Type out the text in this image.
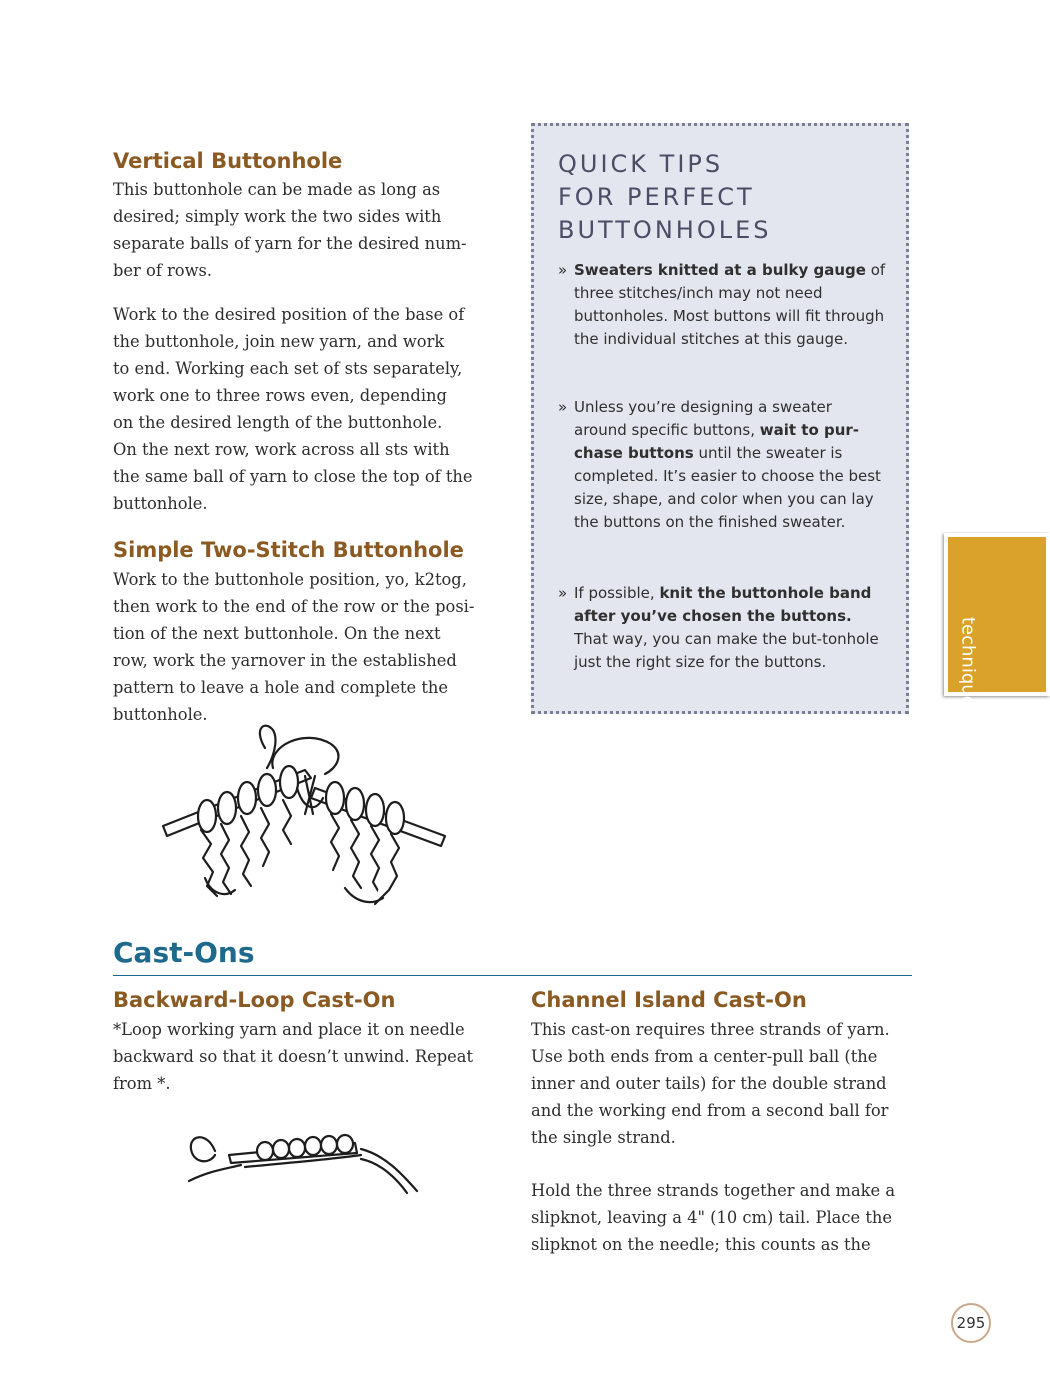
Vertical Buttonhole
This buttonhole can be made as long as
desired; simply work the two sides with
separate balls of yarn for the desired num-
ber of rows.
Work to the desired position of the base of
the buttonhole, join new yarn, and work
to end. Working each set of sts separately,
work one to three rows even, depending
on the desired length of the buttonhole.
On the next row, work across all sts with
the same ball of yarn to close the top of the
buttonhole.
Simple Two-Stitch Buttonhole
Work to the buttonhole position, yo, k2tog,
then work to the end of the row or the posi-
tion of the next buttonhole. On the next
row, work the yarnover in the established
pattern to leave a hole and complete the
buttonhole.
QUICK TIPS
FOR PERFECT
BUTTONHOLES
» Sweaters knitted at a bulky gauge of three stitches/inch may not need buttonholes. Most buttons will fit through the individual stitches at this gauge.
» Unless you’re designing a sweater around specific buttons, wait to pur-chase buttons until the sweater is completed. It’s easier to choose the best size, shape, and color when you can lay the buttons on the finished sweater.
» If possible, knit the buttonhole band after you’ve chosen the buttons. That way, you can make the but-tonhole just the right size for the buttons.	techniques
Cast-Ons
Backward-Loop Cast-On
*Loop working yarn and place it on needle
backward so that it doesn’t unwind. Repeat
from *.
Channel Island Cast-On
This cast-on requires three strands of yarn.
Use both ends from a center-pull ball (the
inner and outer tails) for the double strand
and the working end from a second ball for
the single strand.
Hold the three strands together and make a
slipknot, leaving a 4" (10 cm) tail. Place the
slipknot on the needle; this counts as the
295
